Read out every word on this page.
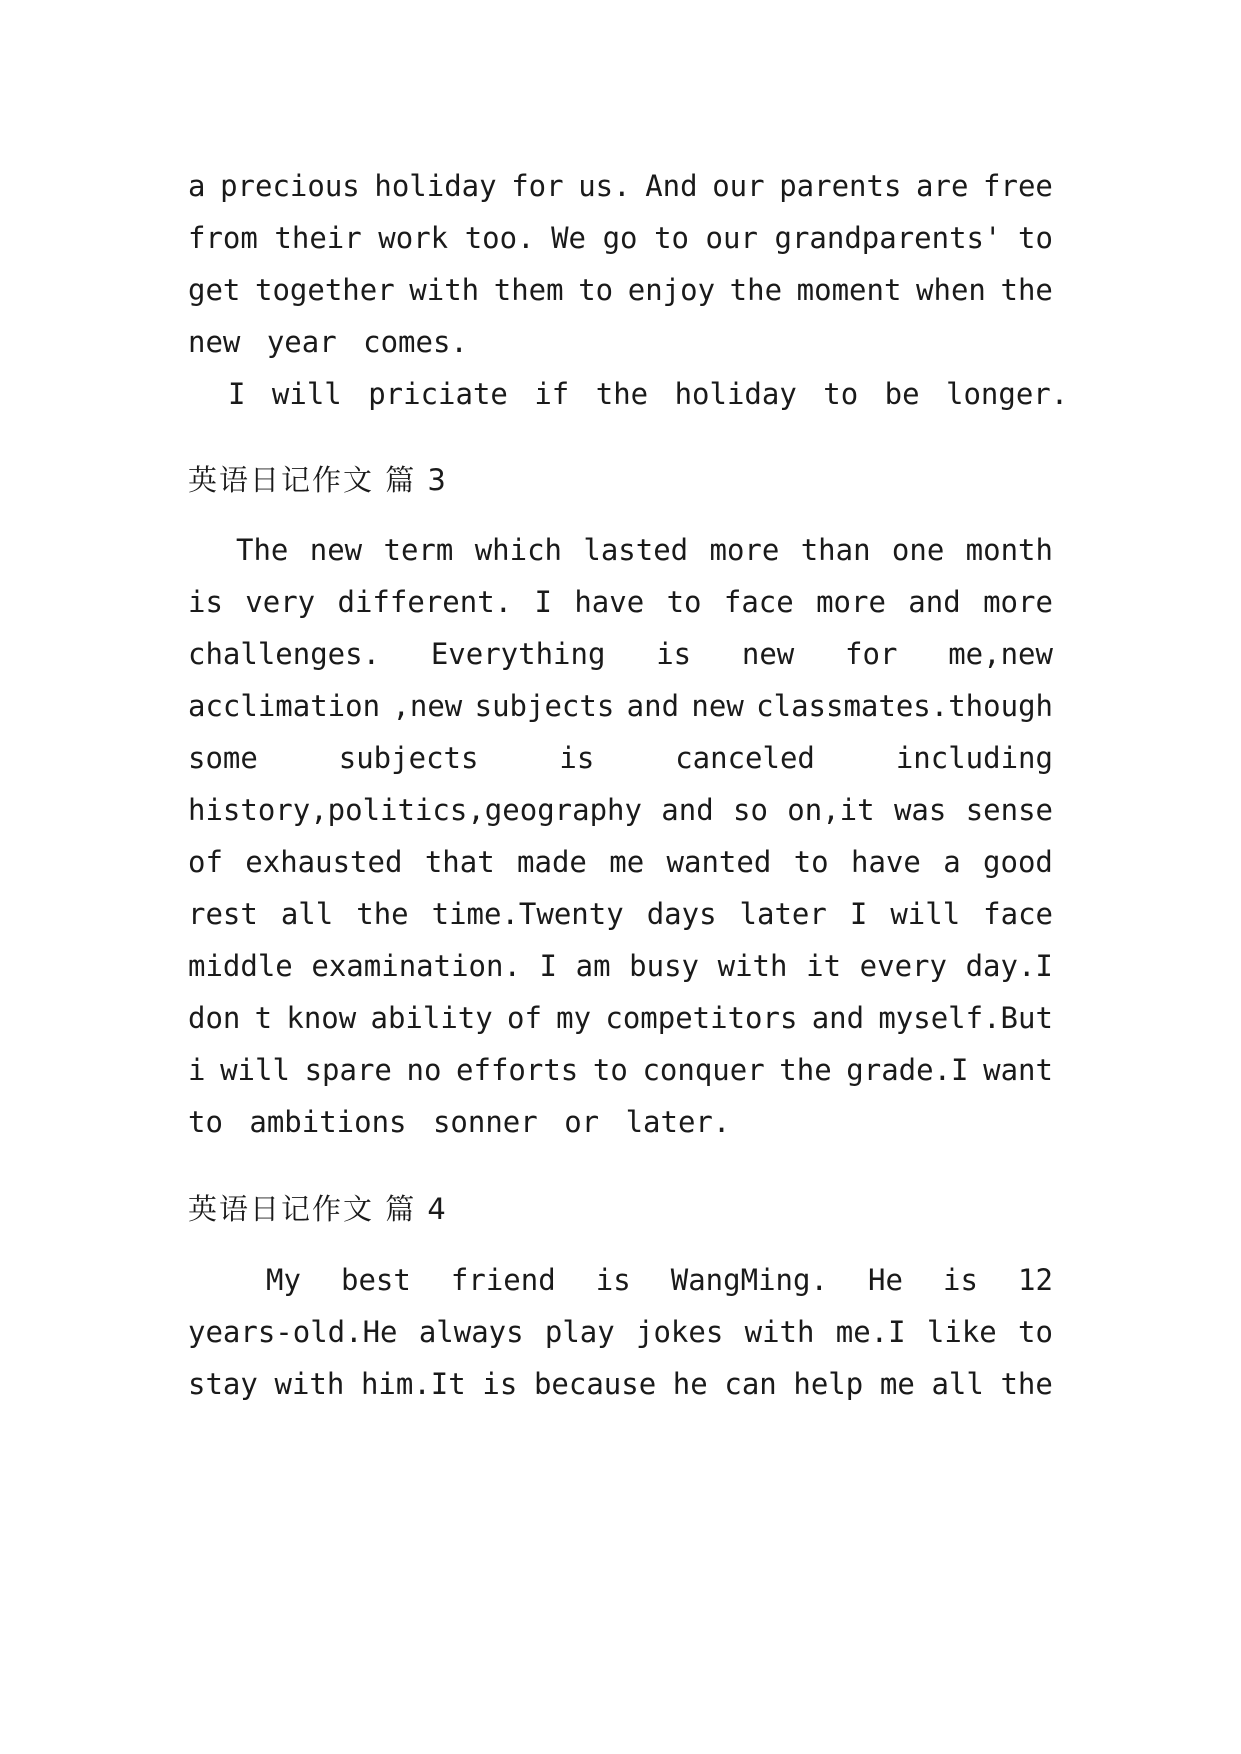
a precious holiday for us. And our parents are free
from their work too. We go to our grandparents' to
get together with them to enjoy the moment when the
new year comes.
I will priciate if the holiday to be longer.
英语日记作文 篇 3
The new term which lasted more than one month
is very different. I have to face more and more
challenges. Everything is new for me,new
acclimation ,new subjects and new classmates.though
some	subjects	is	canceled	including
history,politics,geography and so on,it was sense
of exhausted that made me wanted to have a good
rest all the time.Twenty days later I will face
middle examination. I am busy with it every day.I
don t know ability of my competitors and myself.But
i will spare no efforts to conquer the grade.I want
to ambitions sonner or later.
英语日记作文 篇 4
My best friend is WangMing. He is 12
years-old.He always play jokes with me.I like to
stay with him.It is because he can help me all the
